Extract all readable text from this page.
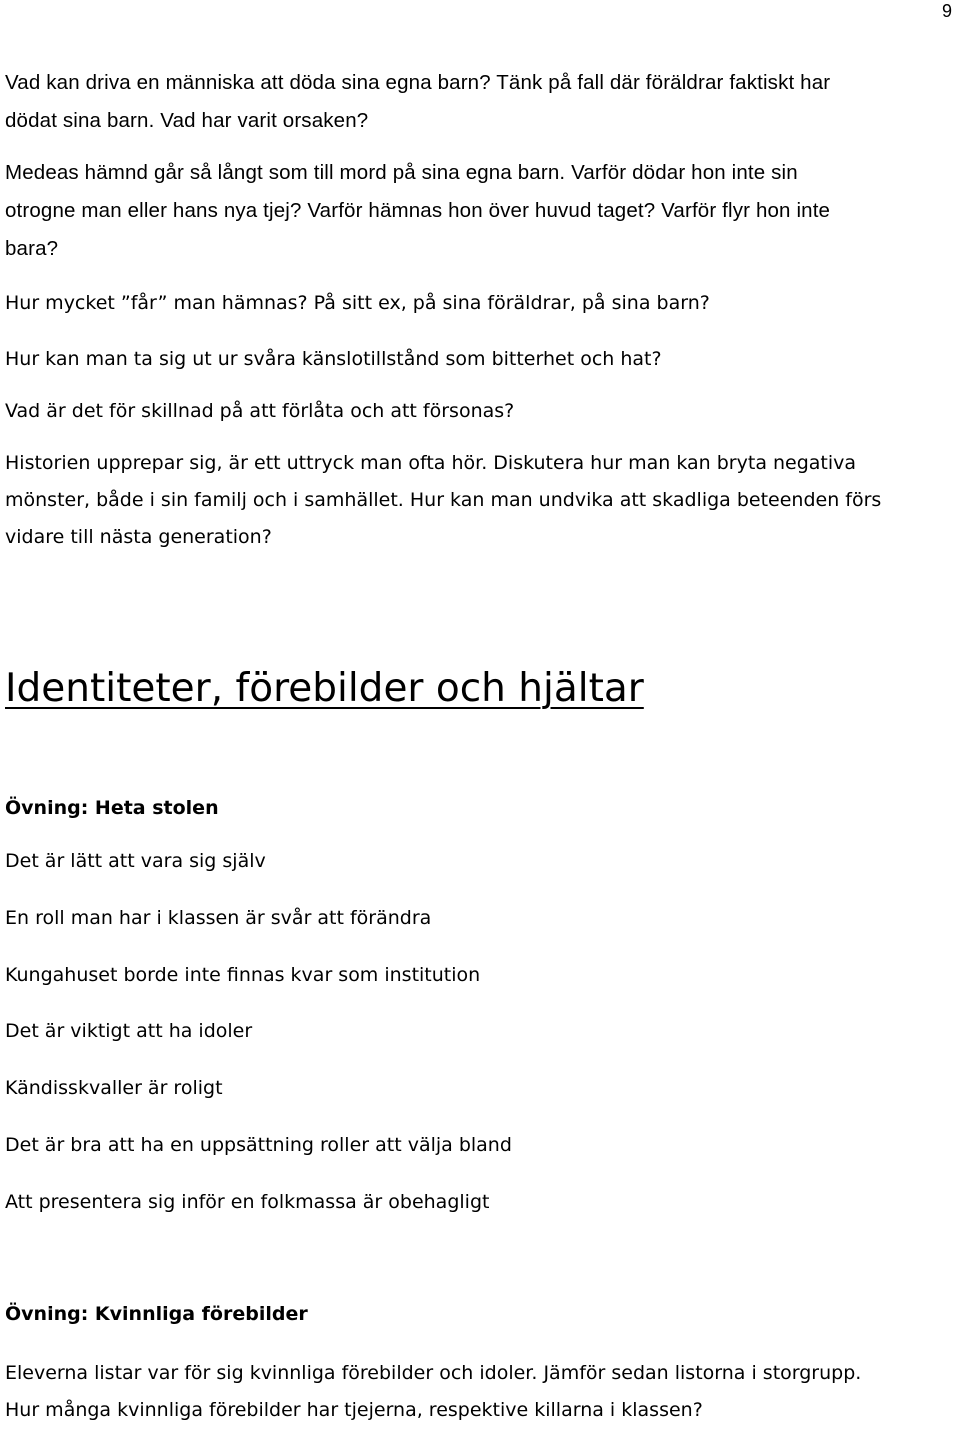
9
Vad kan driva en människa att döda sina egna barn? Tänk på fall där föräldrar faktiskt har
dödat sina barn. Vad har varit orsaken?
Medeas hämnd går så långt som till mord på sina egna barn. Varför dödar hon inte sin
otrogne man eller hans nya tjej? Varför hämnas hon över huvud taget? Varför flyr hon inte
bara?
Hur mycket ”får” man hämnas? På sitt ex, på sina föräldrar, på sina barn?
Hur kan man ta sig ut ur svåra känslotillstånd som bitterhet och hat?
Vad är det för skillnad på att förlåta och att försonas?
Historien upprepar sig, är ett uttryck man ofta hör. Diskutera hur man kan bryta negativa
mönster, både i sin familj och i samhället. Hur kan man undvika att skadliga beteenden förs
vidare till nästa generation?
Identiteter, förebilder och hjältar
Övning: Heta stolen
Det är lätt att vara sig själv
En roll man har i klassen är svår att förändra
Kungahuset borde inte finnas kvar som institution
Det är viktigt att ha idoler
Kändisskvaller är roligt
Det är bra att ha en uppsättning roller att välja bland
Att presentera sig inför en folkmassa är obehagligt
Övning: Kvinnliga förebilder
Eleverna listar var för sig kvinnliga förebilder och idoler. Jämför sedan listorna i storgrupp.
Hur många kvinnliga förebilder har tjejerna, respektive killarna i klassen?
